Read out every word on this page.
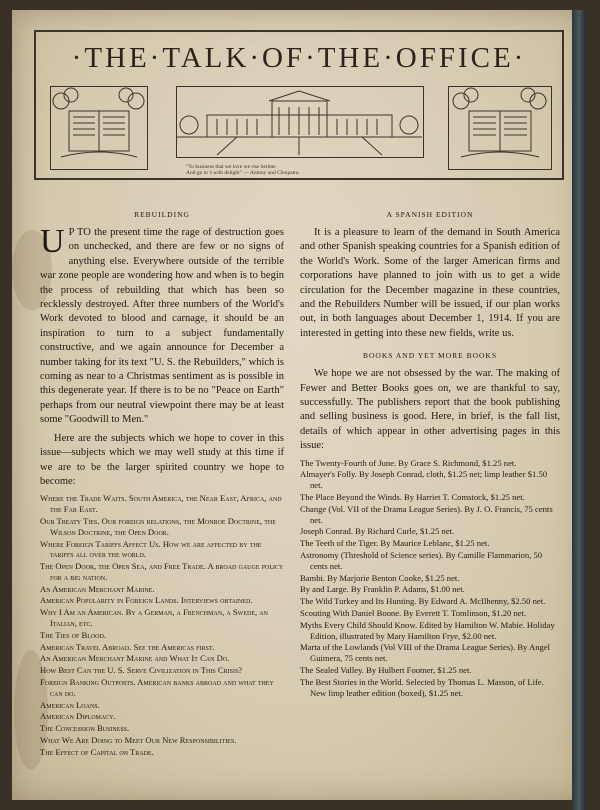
·THE·TALK·OF·THE·OFFICE·
"To business that we love we rise betime
And go to 't with delight" — Antony and Cleopatra.
REBUILDING
U P TO the present time the rage of destruction goes on unchecked, and there are few or no signs of anything else. Everywhere outside of the terrible war zone people are wondering how and when is to begin the process of rebuilding that which has been so recklessly destroyed. After three numbers of the World's Work devoted to blood and carnage, it should be an inspiration to turn to a subject fundamentally constructive, and we again announce for December a number taking for its text "U. S. the Rebuilders," which is coming as near to a Christmas sentiment as is possible in this degenerate year. If there is to be no "Peace on Earth" perhaps from our neutral viewpoint there may be at least some "Goodwill to Men."

Here are the subjects which we hope to cover in this issue—subjects which we may well study at this time if we are to be the larger spirited country we hope to become:

Where the Trade Waits. South America, the Near East, Africa, and the Far East.
Our Treaty Ties. Our foreign relations, the Monroe Doctrine, the Wilson Doctrine, the Open Door.
Where Foreign Tariffs Affect Us. How we are affected by the tariffs all over the world.
The Open Door, the Open Sea, and Free Trade. A broad gauge policy for a big nation.
An American Merchant Marine.
American Popularity in Foreign Lands. Interviews obtained.
Why I Am an American. By a German, a Frenchman, a Swede, an Italian, etc.
The Ties of Blood.
American Travel Abroad. See the Americas first.
An American Merchant Marine and What It Can Do.
How Best Can the U. S. Serve Civilization in This Crisis?
Foreign Banking Outposts. American banks abroad and what they can do.
American Loans.
American Diplomacy.
The Concession Business.
What We Are Doing to Meet Our New Responsibilities.
The Effect of Capital on Trade.
A SPANISH EDITION

It is a pleasure to learn of the demand in South America and other Spanish speaking countries for a Spanish edition of the World's Work. Some of the larger American firms and corporations have planned to join with us to get a wide circulation for the December magazine in these countries, and the Rebuilders Number will be issued, if our plan works out, in both languages about December 1, 1914. If you are interested in getting into these new fields, write us.

BOOKS AND YET MORE BOOKS

We hope we are not obsessed by the war. The making of Fewer and Better Books goes on, we are thankful to say, successfully. The publishers report that the book publishing and selling business is good. Here, in brief, is the fall list, details of which appear in other advertising pages in this issue:

The Twenty-Fourth of June. By Grace S. Richmond, $1.25 net.
Almayer's Folly. By Joseph Conrad, cloth, $1.25 net; limp leather $1.50 net.
The Place Beyond the Winds. By Harriet T. Comstock, $1.25 net.
Change (Vol. VII of the Drama League Series). By J. O. Francis, 75 cents net.
Joseph Conrad. By Richard Curle, $1.25 net.
The Teeth of the Tiger. By Maurice Leblanc, $1.25 net.
Astronomy (Threshold of Science series). By Camille Flammarion, 50 cents net.
Bambi. By Marjorie Benton Cooke, $1.25 net.
By and Large. By Franklin P. Adams, $1.00 net.
The Wild Turkey and Its Hunting. By Edward A. McIlhenny, $2.50 net.
Scouting With Daniel Boone. By Everett T. Tomlinson, $1.20 net.
Myths Every Child Should Know. Edited by Hamilton W. Mabie. Holiday Edition, illustrated by Mary Hamilton Frye, $2.00 net.
Marta of the Lowlands (Vol VIII of the Drama League Series). By Angel Guimera, 75 cents net.
The Sealed Valley. By Hulbert Footner, $1.25 net.
The Best Stories in the World. Selected by Thomas L. Masson, of Life. New limp leather edition (boxed), $1.25 net.
